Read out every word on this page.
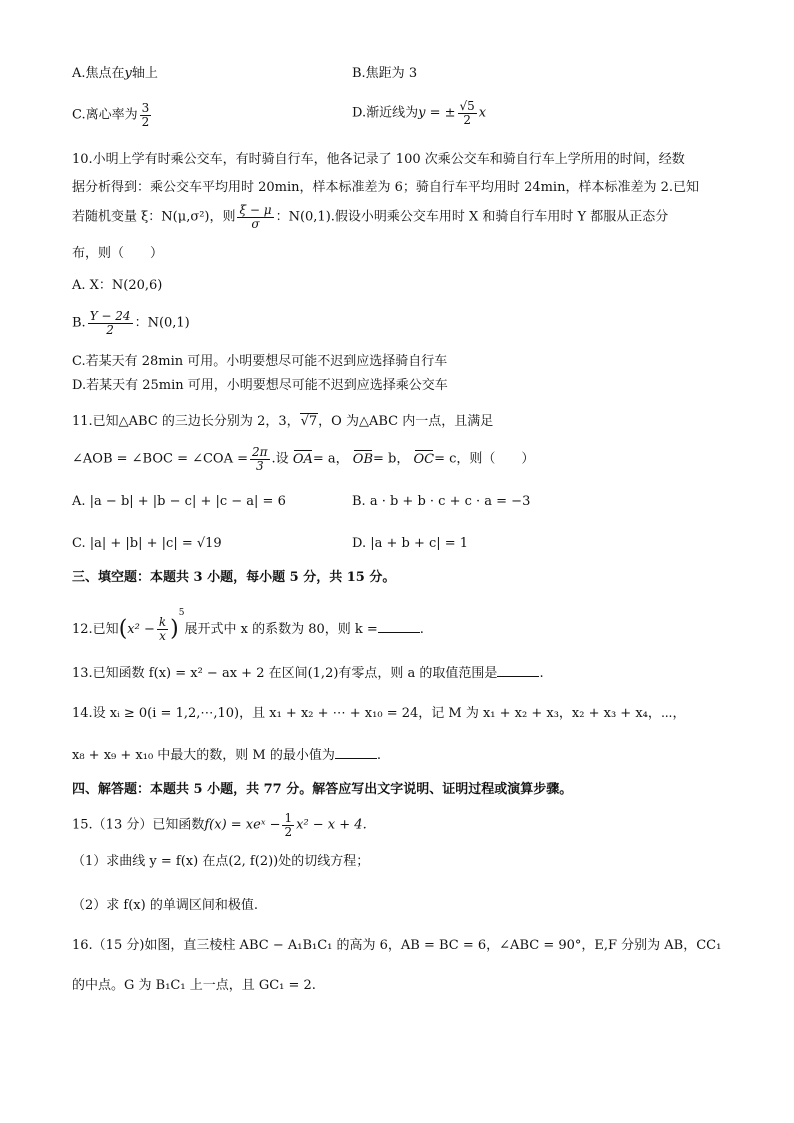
A.焦点在y轴上	B.焦距为 3
C.离心率为 $\frac{3}{2}$	D.渐近线为y = ± $\frac{√5}{2}$ x
10.小明上学有时乘公交车，有时骑自行车，他各记录了 100 次乘公交车和骑自行车上学所用的时间，经数
据分析得到：乘公交车平均用时 20min，样本标准差为 6；骑自行车平均用时 24min，样本标准差为 2.已知
若随机变量 ξ：N(μ,σ²)，则 $\frac{\xi - \mu}{\sigma}$ ：N(0,1).假设小明乘公交车用时 X 和骑自行车用时 Y 都服从正态分
布，则（　　）
A. X：N(20,6)
B. $\frac{Y - 24}{2}$ ：N(0,1)
C.若某天有 28min 可用。小明要想尽可能不迟到应选择骑自行车
D.若某天有 25min 可用，小明要想尽可能不迟到应选择乘公交车
11.已知△ABC 的三边长分别为 2，3，√7，O 为△ABC 内一点，且满足
∠AOB = ∠BOC = ∠COA = $\frac{2\pi}{3}$ .设 OA= a， OB= b， OC= c，则（　　）
A. |a − b| + |b − c| + |c − a| = 6	B. a · b + b · c + c · a = −3
C. |a| + |b| + |c| = √19	D. |a + b + c| = 1
三、填空题：本题共 3 小题，每小题 5 分，共 15 分。
12.已知$(x^2 - \frac{k}{x} )^5$展开式中 x 的系数为 80，则 k =	.
13.已知函数 f(x) = x² − ax + 2 在区间(1,2)有零点，则 a 的取值范围是	.
14.设 xᵢ ≥ 0(i = 1,2,⋯,10)，且 x₁ + x₂ + ⋯ + x₁₀ = 24，记 M 为 x₁ + x₂ + x₃，x₂ + x₃ + x₄，⋯，
x₈ + x₉ + x₁₀ 中最大的数，则 M 的最小值为	.
四、解答题：本题共 5 小题，共 77 分。解答应写出文字说明、证明过程或演算步骤。
15.（13 分）已知函数f(x) = xeˣ − $\frac{1}{2} x^2 - x + 4$.
（1）求曲线 y = f(x) 在点(2, f(2))处的切线方程；
（2）求 f(x) 的单调区间和极值.
16.（15 分)如图，直三棱柱 ABC − A₁B₁C₁ 的高为 6，AB = BC = 6，∠ABC = 90°，E,F 分别为 AB，CC₁
的中点。G 为 B₁C₁ 上一点，且 GC₁ = 2.
